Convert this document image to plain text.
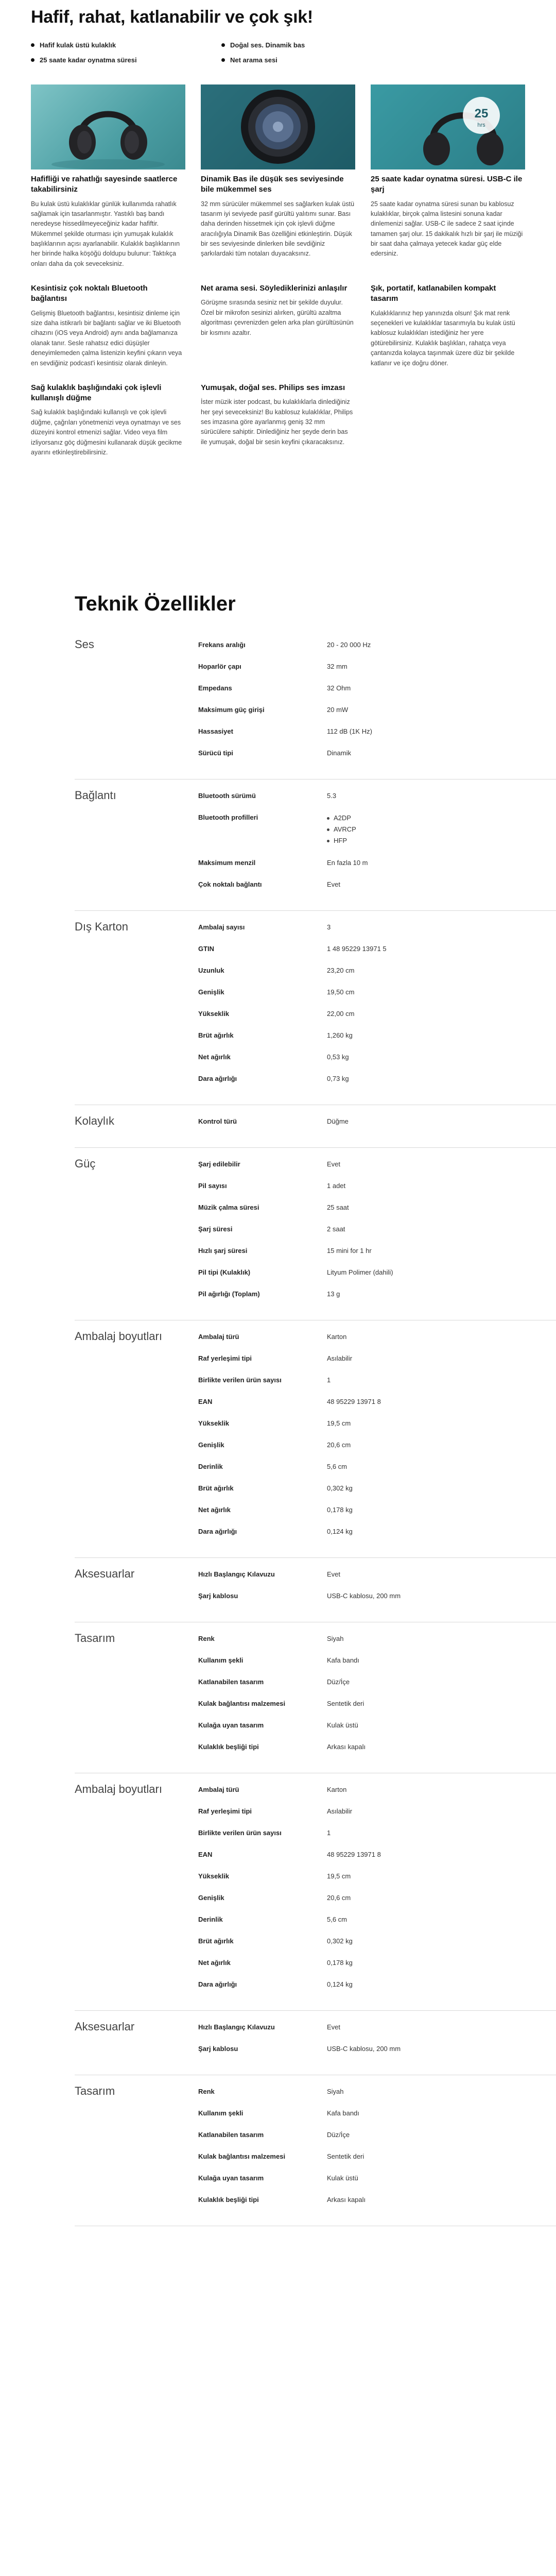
Hafif, rahat, katlanabilir ve çok şık!
Hafif kulak üstü kulaklık	Doğal ses. Dinamik bas
25 saate kadar oynatma süresi	Net arama sesi
25
hrs
Hafifliği ve rahatlığı sayesinde saatlerce takabilirsiniz

Bu kulak üstü kulaklıklar günlük kullanımda rahatlık sağlamak için tasarlanmıştır. Yastıklı baş bandı neredeyse hissedilmeyeceğiniz kadar hafiftir. Mükemmel şekilde oturması için yumuşak kulaklık başlıklarının açısı ayarlanabilir. Kulaklık başlıklarının her birinde halka köşöğü doldupu bulunur: Taktıkça onları daha da çok seveceksiniz.

Dinamik Bas ile düşük ses seviyesinde bile mükemmel ses

32 mm sürücüler mükemmel ses sağlarken kulak üstü tasarım iyi seviyede pasif gürültü yalıtımı sunar. Bası daha derinden hissetmek için çok işlevli düğme aracılığıyla Dinamik Bas özelliğini etkinleştirin. Düşük bir ses seviyesinde dinlerken bile sevdiğiniz şarkılardaki tüm notaları duyacaksınız.

25 saate kadar oynatma süresi. USB-C ile şarj

25 saate kadar oynatma süresi sunan bu kablosuz kulaklıklar, birçok çalma listesini sonuna kadar dinlemenizi sağlar. USB-C ile sadece 2 saat içinde tamamen şarj olur. 15 dakikalık hızlı bir şarj ile müziği bir saat daha çalmaya yetecek kadar güç elde edersiniz.

Kesintisiz çok noktalı Bluetooth bağlantısı

Gelişmiş Bluetooth bağlantısı, kesintisiz dinleme için size daha istikrarlı bir bağlantı sağlar ve iki Bluetooth cihazını (iOS veya Android) aynı anda bağlamanıza olanak tanır. Sesle rahatsız edici düşüşler deneyimlemeden çalma listenizin keyfini çıkarın veya en sevdiğiniz podcast'i kesintisiz olarak dinleyin.

Net arama sesi. Söylediklerinizi anlaşılır

Görüşme sırasında sesiniz net bir şekilde duyulur. Özel bir mikrofon sesinizi alırken, gürültü azaltma algoritması çevrenizden gelen arka plan gürültüsünün bir kısmını azaltır.

Şık, portatif, katlanabilen kompakt tasarım

Kulaklıklarınız hep yanınızda olsun! Şık mat renk seçenekleri ve kulaklıklar tasarımıyla bu kulak üstü kablosuz kulaklıkları istediğiniz her yere götürebilirsiniz. Kulaklık başlıkları, rahatça veya çantanızda kolayca taşınmak üzere düz bir şekilde katlanır ve içe doğru döner.

Sağ kulaklık başlığındaki çok işlevli kullanışlı düğme

Sağ kulaklık başlığındaki kullanışlı ve çok işlevli düğme, çağrıları yönetmenizi veya oynatmayı ve ses düzeyini kontrol etmenizi sağlar. Video veya film izliyorsanız göç düğmesini kullanarak düşük gecikme ayarını etkinleştirebilirsiniz.

Yumuşak, doğal ses. Philips ses imzası

İster müzik ister podcast, bu kulaklıklarla dinlediğiniz her şeyi seveceksiniz! Bu kablosuz kulaklıklar, Philips ses imzasına göre ayarlanmış geniş 32 mm sürücülere sahiptir. Dinlediğiniz her şeyde derin bas ile yumuşak, doğal bir sesin keyfini çıkaracaksınız.

Teknik Özellikler
Ses	Frekans aralığı	20 - 20 000 Hz
Hoparlör çapı	32 mm
Empedans	32 Ohm
Maksimum güç girişi	20 mW
Hassasiyet	112 dB (1K Hz)
Sürücü tipi	Dinamik
Bağlantı	Bluetooth sürümü	5.3
Bluetooth profilleri	A2DP
AVRCP
HFP
Maksimum menzil	En fazla 10 m
Çok noktalı bağlantı	Evet
Dış Karton	Ambalaj sayısı	3
GTIN	1 48 95229 13971 5
Uzunluk	23,20 cm
Genişlik	19,50 cm
Yükseklik	22,00 cm
Brüt ağırlık	1,260 kg
Net ağırlık	0,53 kg
Dara ağırlığı	0,73 kg
Kolaylık	Kontrol türü	Düğme
Güç	Şarj edilebilir	Evet
Pil sayısı	1 adet
Müzik çalma süresi	25 saat
Şarj süresi	2 saat
Hızlı şarj süresi	15 mini for 1 hr
Pil tipi (Kulaklık)	Lityum Polimer (dahili)
Pil ağırlığı (Toplam)	13 g
Ambalaj boyutları	Ambalaj türü	Karton
Raf yerleşimi tipi	Asılabilir
Birlikte verilen ürün sayısı	1
EAN	48 95229 13971 8
Yükseklik	19,5 cm
Genişlik	20,6 cm
Derinlik	5,6 cm
Brüt ağırlık	0,302 kg
Net ağırlık	0,178 kg
Dara ağırlığı	0,124 kg
Aksesuarlar	Hızlı Başlangıç Kılavuzu	Evet
Şarj kablosu	USB-C kablosu, 200 mm
Tasarım	Renk	Siyah
Kullanım şekli	Kafa bandı
Katlanabilen tasarım	Düz/İçe
Kulak bağlantısı malzemesi	Sentetik deri
Kulağa uyan tasarım	Kulak üstü
Kulaklık beşliği tipi	Arkası kapalı
Ambalaj boyutları	Ambalaj türü	Karton
Raf yerleşimi tipi	Asılabilir
Birlikte verilen ürün sayısı	1
EAN	48 95229 13971 8
Yükseklik	19,5 cm
Genişlik	20,6 cm
Derinlik	5,6 cm
Brüt ağırlık	0,302 kg
Net ağırlık	0,178 kg
Dara ağırlığı	0,124 kg
Aksesuarlar	Hızlı Başlangıç Kılavuzu	Evet
Şarj kablosu	USB-C kablosu, 200 mm
Tasarım	Renk	Siyah
Kullanım şekli	Kafa bandı
Katlanabilen tasarım	Düz/İçe
Kulak bağlantısı malzemesi	Sentetik deri
Kulağa uyan tasarım	Kulak üstü
Kulaklık beşliği tipi	Arkası kapalı
